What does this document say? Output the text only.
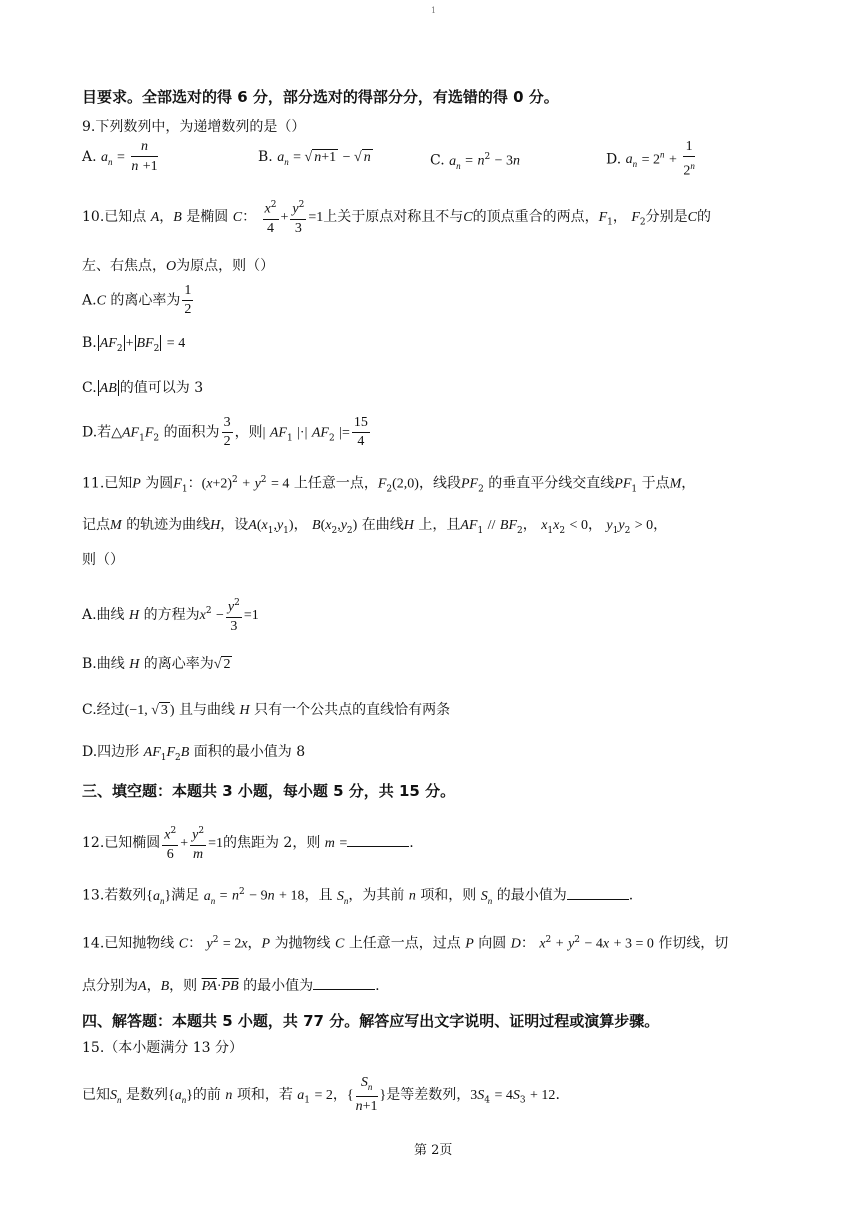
1
目要求。全部选对的得 6 分，部分选对的得部分分，有选错的得 0 分。
9.下列数列中，为递增数列的是（）
A. $a_n = \frac{n}{n +1}$	B. $a_n$ = √ n+1 − √ n	C. $a_n = n^2 - 3n$	D. $a_n = 2^n + \frac{1}{2^n}$
10.已知点 A，B 是椭圆 C： $\frac{x^2}{4} + \frac{y^2}{3} =1$上关于原点对称且不与C的顶点重合的两点，$F_1$， $F_2$分别是C的
左、右焦点，O为原点，则（）
A.C 的离心率为 $\frac{1}{2}$
B. $AF_2 + BF_2 = 4$
C. AB 的值可以为 3
D.若$\triangle AF_1F_2$ 的面积为 $\frac{3}{2}$ ，则| $AF_1$ |·| $AF_2$ |= $\frac{15}{4}$
11.已知P 为圆$F_1$：$(x+2)^2 + y^2 = 4$ 上任意一点，$F_2(2,0)$，线段$PF_2$ 的垂直平分线交直线$PF_1$ 于点M，
记点M 的轨迹为曲线H，设$A(x_1,y_1)$， $B(x_2,y_2)$ 在曲线H 上，且$AF_1 // BF_2$， $x_1x_2 < 0$， $y_1y_2 > 0$，
则（）
A.曲线 H 的方程为$x^2 - \frac{y^2}{3} =1$
B.曲线 H 的离心率为√ 2
C.经过(−1, √ 3 ) 且与曲线 H 只有一个公共点的直线恰有两条
D.四边形 $AF_1F_2B$ 面积的最小值为 8
三、填空题：本题共 3 小题，每小题 5 分，共 15 分。
12.已知椭圆 $\frac{x^2}{6} + \frac{y^2}{m} =1$的焦距为 2，则 m =	.
13.若数列$\{a_n\}$满足 $a_n = n^2 - 9n + 18$，且 $S_n$，为其前 n 项和，则 $S_n$ 的最小值为	.
14.已知抛物线 C： $y^2 = 2x$，P 为抛物线 C 上任意一点，过点 P 向圆 D： $x^2 + y^2 - 4x + 3 = 0$ 作切线，切
点分别为A，B，则 $\overline{PA}\cdot\overline{PB}$ 的最小值为	.
四、解答题：本题共 5 小题，共 77 分。解答应写出文字说明、证明过程或演算步骤。
15.（本小题满分 13 分）
已知$S_n$ 是数列$\{a_n\}$的前 n 项和，若 $a_1 = 2$，{ $\frac{S_n}{n+1}$ }是等差数列，$3S_4 = 4S_3 + 12$.
第 2页
